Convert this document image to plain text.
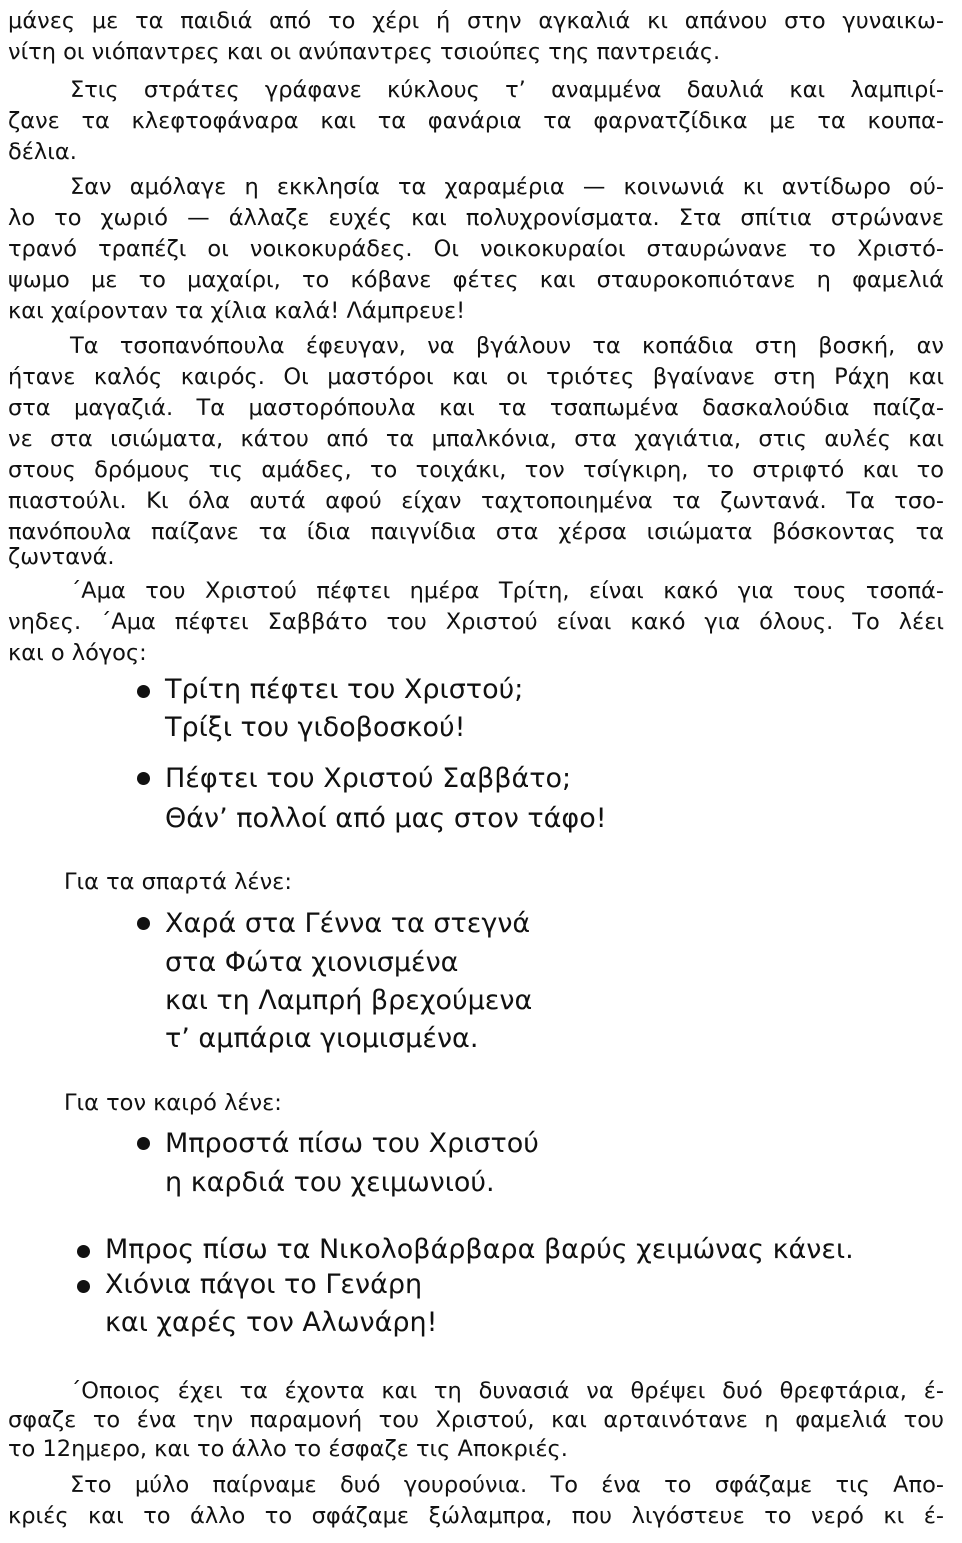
μάνες με τα παιδιά από το χέρι ή στην αγκαλιά κι απάνου στο γυναικω-
νίτη οι νιόπαντρες και οι ανύπαντρες τσιούπες της παντρειάς.
Στις στράτες γράφανε κύκλους τ’ αναμμένα δαυλιά και λαμπιρί-
ζανε τα κλεφτοφάναρα και τα φανάρια τα φαρνατζίδικα με τα κουπα-
δέλια.
Σαν αμόλαγε η εκκλησία τα χαραμέρια — κοινωνιά κι αντίδωρο ού-
λο το χωριό — άλλαζε ευχές και πολυχρονίσματα. Στα σπίτια στρώνανε
τρανό τραπέζι οι νοικοκυράδες. Οι νοικοκυραίοι σταυρώνανε το Χριστό-
ψωμο με το μαχαίρι, το κόβανε φέτες και σταυροκοπιότανε η φαμελιά
και χαίρονταν τα χίλια καλά! Λάμπρευε!
Τα τσοπανόπουλα έφευγαν, να βγάλουν τα κοπάδια στη βοσκή, αν
ήτανε καλός καιρός. Οι μαστόροι και οι τριότες βγαίνανε στη Ράχη και
στα μαγαζιά. Τα μαστορόπουλα και τα τσαπωμένα δασκαλούδια παίζα-
νε στα ισιώματα, κάτου από τα μπαλκόνια, στα χαγιάτια, στις αυλές και
στους δρόμους τις αμάδες, το τοιχάκι, τον τσίγκιρη, το στριφτό και το
πιαστούλι. Κι όλα αυτά αφού είχαν ταχτοποιημένα τα ζωντανά. Τα τσο-
πανόπουλα παίζανε τα ίδια παιγνίδια στα χέρσα ισιώματα βόσκοντας τα
ζωντανά.
΄Αμα του Χριστού πέφτει ημέρα Τρίτη, είναι κακό για τους τσοπά-
νηδες. ΄Αμα πέφτει Σαββάτο του Χριστού είναι κακό για όλους. Το λέει
και ο λόγος:
Τρίτη πέφτει του Χριστού;
Τρίξι του γιδοβοσκού!
Πέφτει του Χριστού Σαββάτο;
Θάν’ πολλοί από μας στον τάφο!
Για τα σπαρτά λένε:
Χαρά στα Γέννα τα στεγνά
στα Φώτα χιονισμένα
και τη Λαμπρή βρεχούμενα
τ’ αμπάρια γιομισμένα.
Για τον καιρό λένε:
Μπροστά πίσω του Χριστού
η καρδιά του χειμωνιού.
Μπρος πίσω τα Νικολοβάρβαρα βαρύς χειμώνας κάνει.
Χιόνια πάγοι το Γενάρη
και χαρές τον Αλωνάρη!
΄Οποιος έχει τα έχοντα και τη δυνασιά να θρέψει δυό θρεφτάρια, έ-
σφαζε το ένα την παραμονή του Χριστού, και αρταινότανε η φαμελιά του
το 12ημερο, και το άλλο το έσφαζε τις Αποκριές.
Στο μύλο παίρναμε δυό γουρούνια. Το ένα το σφάζαμε τις Απο-
κριές και το άλλο το σφάζαμε ξώλαμπρα, που λιγόστευε το νερό κι έ-
